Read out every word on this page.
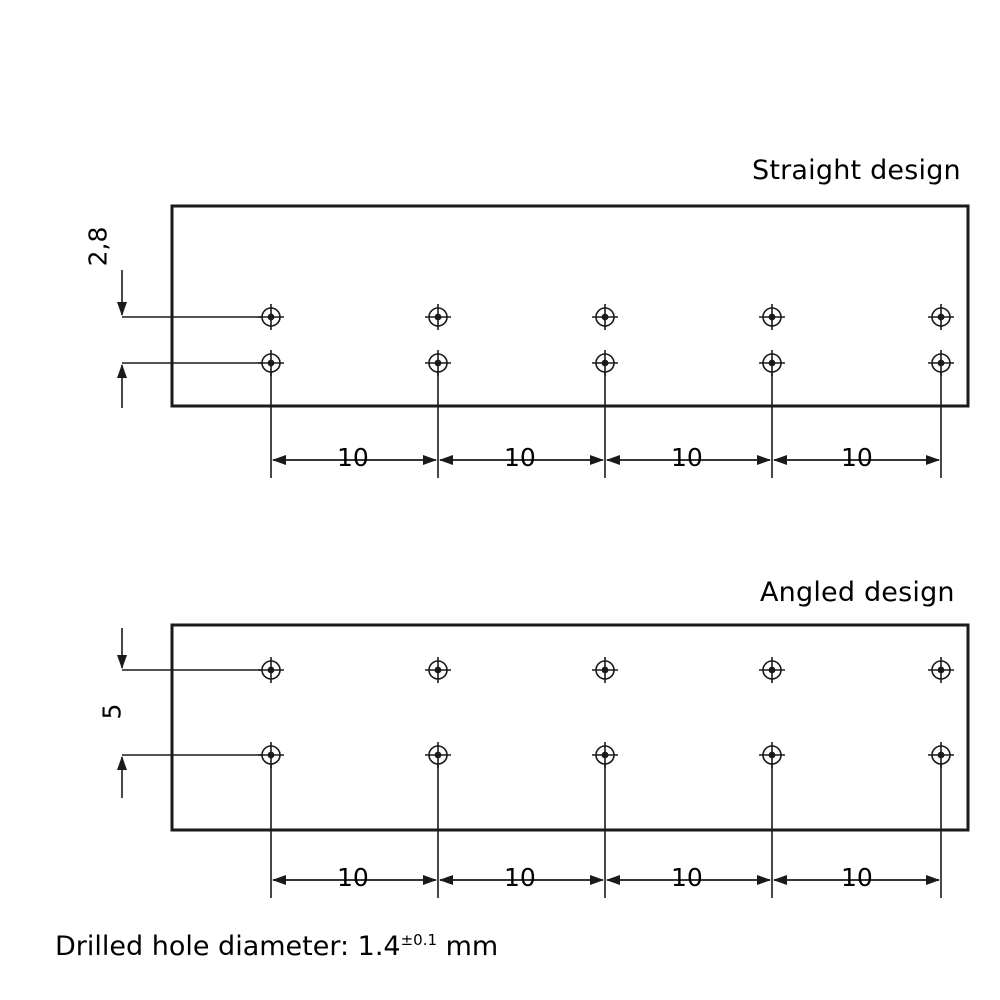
Straight design
2,8
10	10	10	10
Angled design
5
10	10	10	10
Drilled hole diameter: $1.4^{\pm 0.1}$ mm
